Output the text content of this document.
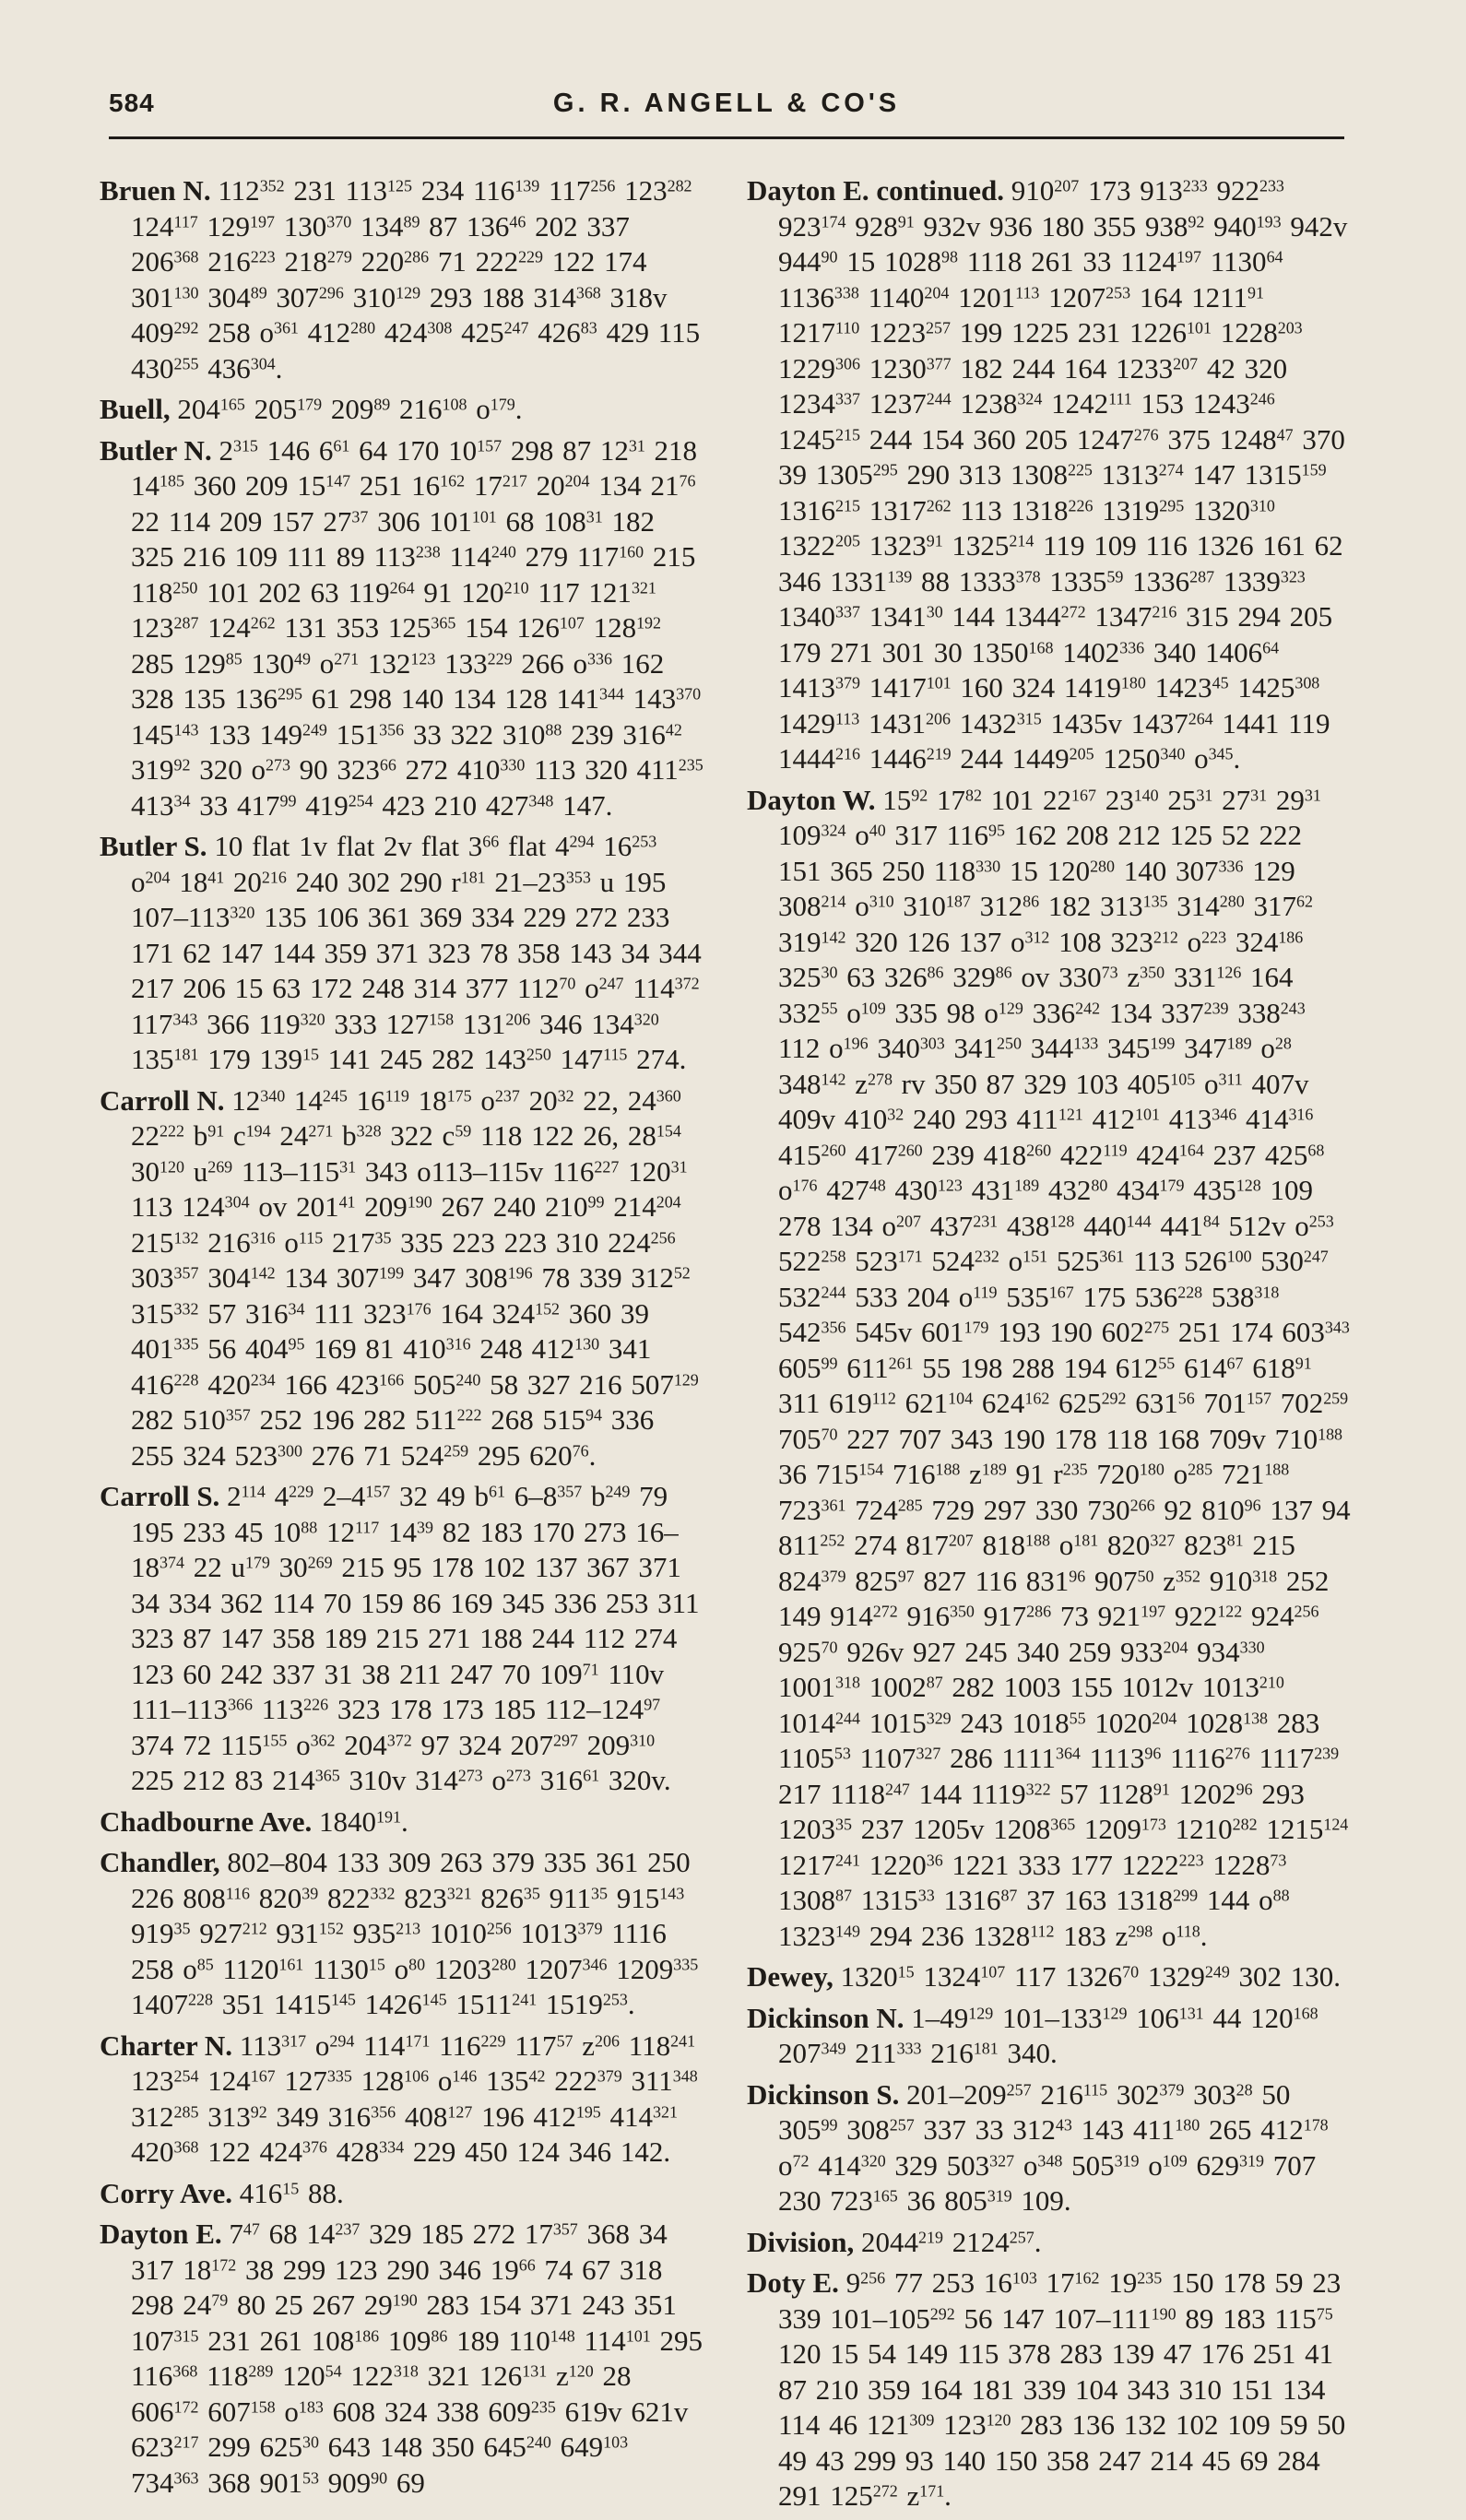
584	G. R. ANGELL & CO'S
Bruen N. $112^{352}$ 231 $113^{125}$ 234 $116^{139}$ $117^{256}$ $123^{282}$ $124^{117}$ $129^{197}$ $130^{370}$ $134^{89}$ 87 $136^{46}$ 202 337 $206^{368}$ $216^{223}$ $218^{279}$ $220^{286}$ 71 $222^{229}$ 122 174 $301^{130}$ $304^{89}$ $307^{296}$ $310^{129}$ 293 188 $314^{368}$ 318v $409^{292}$ 258 $o^{361}$ $412^{280}$ $424^{308}$ $425^{247}$ $426^{83}$ 429 115 $430^{255}$ $436^{304}$.
Buell, $204^{165}$ $205^{179}$ $209^{89}$ $216^{108}$ $o^{179}$.
Butler N. $2^{315}$ 146 $6^{61}$ 64 170 $10^{157}$ 298 87 $12^{31}$ 218 $14^{185}$ 360 209 $15^{147}$ 251 $16^{162}$ $17^{217}$ $20^{204}$ 134 $21^{76}$ 22 114 209 157 $27^{37}$ 306 $101^{101}$ 68 $108^{31}$ 182 325 216 109 111 89 $113^{238}$ $114^{240}$ 279 $117^{160}$ 215 $118^{250}$ 101 202 63 $119^{264}$ 91 $120^{210}$ 117 $121^{321}$ $123^{287}$ $124^{262}$ 131 353 $125^{365}$ 154 $126^{107}$ $128^{192}$ 285 $129^{85}$ $130^{49}$ $o^{271}$ $132^{123}$ $133^{229}$ 266 $o^{336}$ 162 328 135 $136^{295}$ 61 298 140 134 128 $141^{344}$ $143^{370}$ $145^{143}$ 133 $149^{249}$ $151^{356}$ 33 322 $310^{88}$ 239 $316^{42}$ $319^{92}$ 320 $o^{273}$ 90 $323^{66}$ 272 $410^{330}$ 113 320 $411^{235}$ $413^{34}$ 33 $417^{99}$ $419^{254}$ 423 210 $427^{348}$ 147.
Butler S. 10 flat 1v flat 2v flat $3^{66}$ flat $4^{294}$ $16^{253}$ $o^{204}$ $18^{41}$ $20^{216}$ 240 302 290 $r^{181}$ $21-23^{353}$ u 195 $107-113^{320}$ 135 106 361 369 334 229 272 233 171 62 147 144 359 371 323 78 358 143 34 344 217 206 15 63 172 248 314 377 $112^{70}$ $o^{247}$ $114^{372}$ $117^{343}$ 366 $119^{320}$ 333 $127^{158}$ $131^{206}$ 346 $134^{320}$ $135^{181}$ 179 $139^{15}$ 141 245 282 $143^{250}$ $147^{115}$ 274.
Carroll N. $12^{340}$ $14^{245}$ $16^{119}$ $18^{175}$ $o^{237}$ $20^{32}$ 22, $24^{360}$ $22^{222}$ $b^{91}$ $c^{194}$ $24^{271}$ $b^{328}$ 322 $c^{59}$ 118 122 26, $28^{154}$ $30^{120}$ $u^{269}$ $113-115^{31}$ 343 o113–115v $116^{227}$ $120^{31}$ 113 $124^{304}$ ov $201^{41}$ $209^{190}$ 267 240 $210^{99}$ $214^{204}$ $215^{132}$ $216^{316}$ $o^{115}$ $217^{35}$ 335 223 223 310 $224^{256}$ $303^{357}$ $304^{142}$ 134 $307^{199}$ 347 $308^{196}$ 78 339 $312^{52}$ $315^{332}$ 57 $316^{34}$ 111 $323^{176}$ 164 $324^{152}$ 360 39 $401^{335}$ 56 $404^{95}$ 169 81 $410^{316}$ 248 $412^{130}$ 341 $416^{228}$ $420^{234}$ 166 $423^{166}$ $505^{240}$ 58 327 216 $507^{129}$ 282 $510^{357}$ 252 196 282 $511^{222}$ 268 $515^{94}$ 336 255 324 $523^{300}$ 276 71 $524^{259}$ 295 $620^{76}$.
Carroll S. $2^{114}$ $4^{229}$ $2-4^{157}$ 32 49 $b^{61}$ $6-8^{357}$ $b^{249}$ 79 195 233 45 $10^{88}$ $12^{117}$ $14^{39}$ 82 183 170 273 $16-18^{374}$ 22 $u^{179}$ $30^{269}$ 215 95 178 102 137 367 371 34 334 362 114 70 159 86 169 345 336 253 311 323 87 147 358 189 215 271 188 244 112 274 123 60 242 337 31 38 211 247 70 $109^{71}$ 110v $111-113^{366}$ $113^{226}$ 323 178 173 185 $112-124^{97}$ 374 72 $115^{155}$ $o^{362}$ $204^{372}$ 97 324 $207^{297}$ $209^{310}$ 225 212 83 $214^{365}$ 310v $314^{273}$ $o^{273}$ $316^{61}$ 320v.
Chadbourne Ave. 1840$^{191}$.
Chandler, 802–804 133 309 263 379 335 361 250 226 $808^{116}$ $820^{39}$ $822^{332}$ $823^{321}$ $826^{35}$ $911^{35}$ $915^{143}$ $919^{35}$ $927^{212}$ $931^{152}$ $935^{213}$ 1010$^{256}$ 1013$^{379}$ 1116 258 $o^{85}$ 1120$^{161}$ 1130$^{15}$ $o^{80}$ 1203$^{280}$ 1207$^{346}$ 1209$^{335}$ 1407$^{228}$ 351 1415$^{145}$ 1426$^{145}$ 1511$^{241}$ 1519$^{253}$.
Charter N. $113^{317}$ $o^{294}$ $114^{171}$ $116^{229}$ $117^{57}$ $z^{206}$ $118^{241}$ $123^{254}$ $124^{167}$ $127^{335}$ $128^{106}$ $o^{146}$ $135^{42}$ $222^{379}$ $311^{348}$ $312^{285}$ $313^{92}$ 349 $316^{356}$ $408^{127}$ 196 $412^{195}$ $414^{321}$ $420^{368}$ 122 $424^{376}$ $428^{334}$ 229 450 124 346 142.
Corry Ave. $416^{15}$ 88.
Dayton E. $7^{47}$ 68 $14^{237}$ 329 185 272 $17^{357}$ 368 34 317 $18^{172}$ 38 299 123 290 346 $19^{66}$ 74 67 318 298 $24^{79}$ 80 25 267 $29^{190}$ 283 154 371 243 351 $107^{315}$ 231 261 $108^{186}$ $109^{86}$ 189 $110^{148}$ $114^{101}$ 295 $116^{368}$ $118^{289}$ $120^{54}$ $122^{318}$ 321 $126^{131}$ $z^{120}$ 28 $606^{172}$ $607^{158}$ $o^{183}$ 608 324 338 $609^{235}$ 619v 621v $623^{217}$ 299 $625^{30}$ 643 148 350 $645^{240}$ $649^{103}$ $734^{363}$ 368 $901^{53}$ $909^{90}$ 69
Dayton E. continued. $910^{207}$ 173 $913^{233}$ $922^{233}$ $923^{174}$ $928^{91}$ 932v 936 180 355 $938^{92}$ $940^{193}$ 942v $944^{90}$ 15 1028$^{98}$ 1118 261 33 1124$^{197}$ 1130$^{64}$ 1136$^{338}$ 1140$^{204}$ 1201$^{113}$ 1207$^{253}$ 164 1211$^{91}$ 1217$^{110}$ 1223$^{257}$ 199 1225 231 1226$^{101}$ 1228$^{203}$ 1229$^{306}$ 1230$^{377}$ 182 244 164 1233$^{207}$ 42 320 1234$^{337}$ 1237$^{244}$ 1238$^{324}$ 1242$^{111}$ 153 1243$^{246}$ 1245$^{215}$ 244 154 360 205 1247$^{276}$ 375 1248$^{47}$ 370 39 1305$^{295}$ 290 313 1308$^{225}$ 1313$^{274}$ 147 1315$^{159}$ 1316$^{215}$ 1317$^{262}$ 113 1318$^{226}$ 1319$^{295}$ 1320$^{310}$ 1322$^{205}$ 1323$^{91}$ 1325$^{214}$ 119 109 116 1326 161 62 346 1331$^{139}$ 88 1333$^{378}$ 1335$^{59}$ 1336$^{287}$ 1339$^{323}$ 1340$^{337}$ 1341$^{30}$ 144 1344$^{272}$ 1347$^{216}$ 315 294 205 179 271 301 30 1350$^{168}$ 1402$^{336}$ 340 1406$^{64}$ 1413$^{379}$ 1417$^{101}$ 160 324 1419$^{180}$ 1423$^{45}$ 1425$^{308}$ 1429$^{113}$ 1431$^{206}$ 1432$^{315}$ 1435v 1437$^{264}$ 1441 119 1444$^{216}$ 1446$^{219}$ 244 1449$^{205}$ 1250$^{340}$ $o^{345}$.
Dayton W. $15^{92}$ $17^{82}$ 101 $22^{167}$ $23^{140}$ $25^{31}$ $27^{31}$ $29^{31}$ $109^{324}$ $o^{40}$ 317 $116^{95}$ 162 208 212 125 52 222 151 365 250 $118^{330}$ 15 $120^{280}$ 140 $307^{336}$ 129 $308^{214}$ $o^{310}$ $310^{187}$ $312^{86}$ 182 $313^{135}$ $314^{280}$ $317^{62}$ $319^{142}$ 320 126 137 $o^{312}$ 108 $323^{212}$ $o^{223}$ $324^{186}$ $325^{30}$ 63 $326^{86}$ $329^{86}$ ov $330^{73}$ $z^{350}$ $331^{126}$ 164 $332^{55}$ $o^{109}$ 335 98 $o^{129}$ $336^{242}$ 134 $337^{239}$ $338^{243}$ 112 $o^{196}$ $340^{303}$ $341^{250}$ $344^{133}$ $345^{199}$ $347^{189}$ $o^{28}$ $348^{142}$ $z^{278}$ rv 350 87 329 103 $405^{105}$ $o^{311}$ 407v 409v $410^{32}$ 240 293 $411^{121}$ $412^{101}$ $413^{346}$ $414^{316}$ $415^{260}$ $417^{260}$ 239 $418^{260}$ $422^{119}$ $424^{164}$ 237 $425^{68}$ $o^{176}$ $427^{48}$ $430^{123}$ $431^{189}$ $432^{80}$ $434^{179}$ $435^{128}$ 109 278 134 $o^{207}$ $437^{231}$ $438^{128}$ $440^{144}$ $441^{84}$ 512v $o^{253}$ $522^{258}$ $523^{171}$ $524^{232}$ $o^{151}$ $525^{361}$ 113 $526^{100}$ $530^{247}$ $532^{244}$ 533 204 $o^{119}$ $535^{167}$ 175 $536^{228}$ $538^{318}$ $542^{356}$ 545v $601^{179}$ 193 190 $602^{275}$ 251 174 $603^{343}$ $605^{99}$ $611^{261}$ 55 198 288 194 $612^{55}$ $614^{67}$ $618^{91}$ 311 $619^{112}$ $621^{104}$ $624^{162}$ $625^{292}$ $631^{56}$ $701^{157}$ $702^{259}$ $705^{70}$ 227 707 343 190 178 118 168 709v $710^{188}$ 36 $715^{154}$ $716^{188}$ $z^{189}$ 91 $r^{235}$ $720^{180}$ $o^{285}$ $721^{188}$ $723^{361}$ $724^{285}$ 729 297 330 $730^{266}$ 92 $810^{96}$ 137 94 $811^{252}$ 274 $817^{207}$ $818^{188}$ $o^{181}$ $820^{327}$ $823^{81}$ 215 $824^{379}$ $825^{97}$ 827 116 $831^{96}$ $907^{50}$ $z^{352}$ $910^{318}$ 252 149 $914^{272}$ $916^{350}$ $917^{286}$ 73 $921^{197}$ $922^{122}$ $924^{256}$ $925^{70}$ 926v 927 245 340 259 $933^{204}$ $934^{330}$ 1001$^{318}$ 1002$^{87}$ 282 1003 155 1012v 1013$^{210}$ 1014$^{244}$ 1015$^{329}$ 243 1018$^{55}$ 1020$^{204}$ 1028$^{138}$ 283 1105$^{53}$ 1107$^{327}$ 286 1111$^{364}$ 1113$^{96}$ 1116$^{276}$ 1117$^{239}$ 217 1118$^{247}$ 144 1119$^{322}$ 57 1128$^{91}$ 1202$^{96}$ 293 1203$^{35}$ 237 1205v 1208$^{365}$ 1209$^{173}$ 1210$^{282}$ 1215$^{124}$ 1217$^{241}$ 1220$^{36}$ 1221 333 177 1222$^{223}$ 1228$^{73}$ 1308$^{87}$ 1315$^{33}$ 1316$^{87}$ 37 163 1318$^{299}$ 144 $o^{88}$ 1323$^{149}$ 294 236 1328$^{112}$ 183 $z^{298}$ $o^{118}$.
Dewey, 1320$^{15}$ 1324$^{107}$ 117 1326$^{70}$ 1329$^{249}$ 302 130.
Dickinson N. $1-49^{129}$ $101-133^{129}$ $106^{131}$ 44 $120^{168}$ $207^{349}$ $211^{333}$ $216^{181}$ 340.
Dickinson S. $201-209^{257}$ $216^{115}$ $302^{379}$ $303^{28}$ 50 $305^{99}$ $308^{257}$ 337 33 $312^{43}$ 143 $411^{180}$ 265 $412^{178}$ $o^{72}$ $414^{320}$ 329 $503^{327}$ $o^{348}$ $505^{319}$ $o^{109}$ $629^{319}$ 707 230 $723^{165}$ 36 $805^{319}$ 109.
Division, 2044$^{219}$ 2124$^{257}$.
Doty E. $9^{256}$ 77 253 $16^{103}$ $17^{162}$ $19^{235}$ 150 178 59 23 339 $101-105^{292}$ 56 147 $107-111^{190}$ 89 183 $115^{75}$ 120 15 54 149 115 378 283 139 47 176 251 41 87 210 359 164 181 339 104 343 310 151 134 114 46 $121^{309}$ $123^{120}$ 283 136 132 102 109 59 50 49 43 299 93 140 150 358 247 214 45 69 284 291 $125^{272}$ $z^{171}$.
